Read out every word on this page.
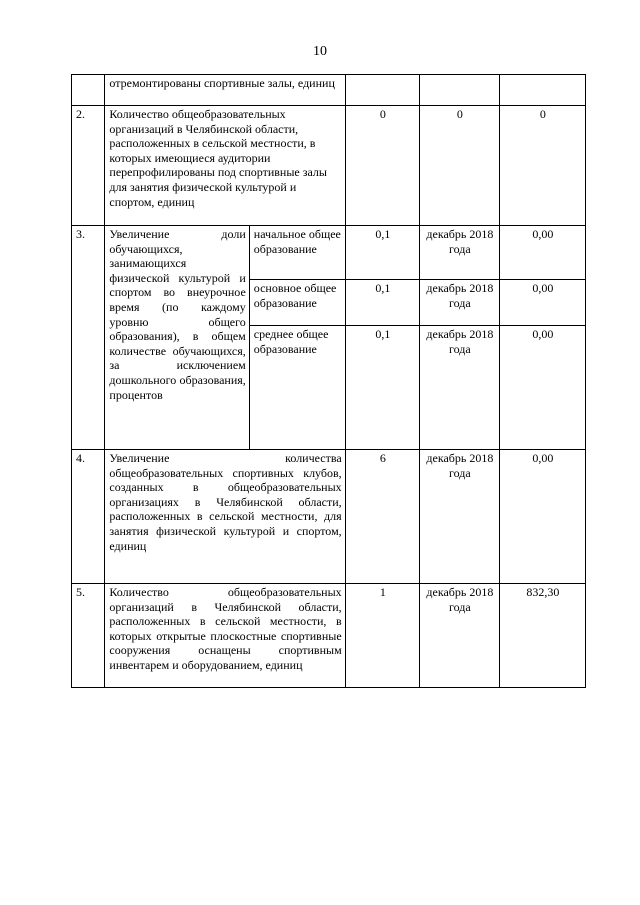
10
	отремонтированы спортивные залы, единиц				
2.	Количество общеобразовательных организаций в Челябинской области, расположенных в сельской местности, в которых имеющиеся аудитории перепрофилированы под спортивные залы для занятия физической культурой и спортом, единиц		0	0	0
3.	Увеличение доли обучающихся, занимающихся физической культурой и спортом во внеурочное время (по каждому уровню общего образования), в общем количестве обучающихся, за исключением дошкольного образования, процентов	начальное общее образование	0,1	декабрь 2018 года	0,00
		основное общее образование	0,1	декабрь 2018 года	0,00
		среднее общее образование	0,1	декабрь 2018 года	0,00
4.	Увеличение количества общеобразовательных спортивных клубов, созданных в общеобразовательных организациях в Челябинской области, расположенных в сельской местности, для занятия физической культурой и спортом, единиц		6	декабрь 2018 года	0,00
5.	Количество общеобразовательных организаций в Челябинской области, расположенных в сельской местности, в которых открытые плоскостные спортивные сооружения оснащены спортивным инвентарем и оборудованием, единиц		1	декабрь 2018 года	832,30
